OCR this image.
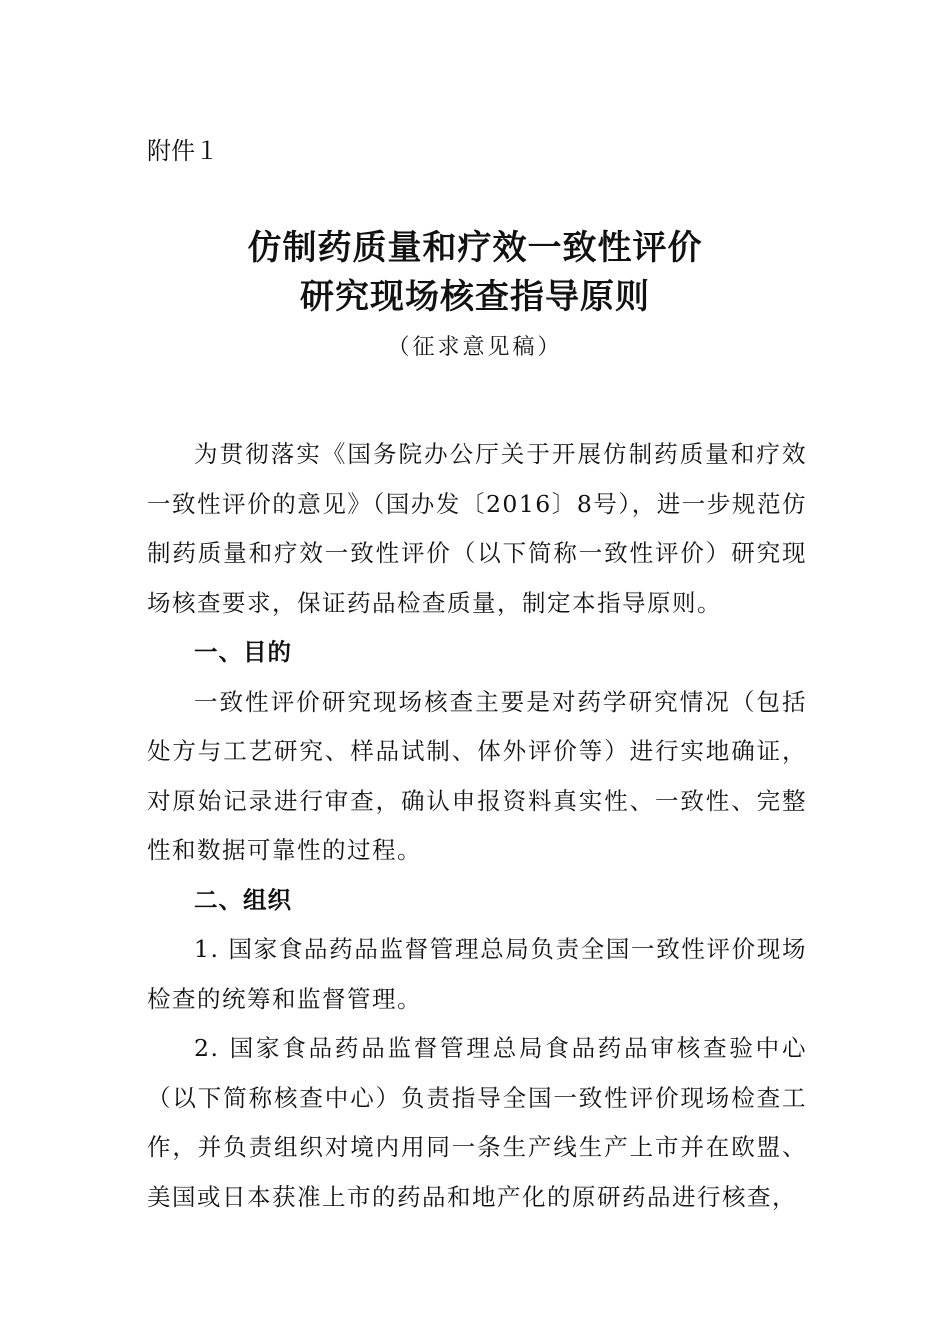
附件１
仿制药质量和疗效一致性评价
研究现场核查指导原则
（征求意见稿）

为贯彻落实《国务院办公厅关于开展仿制药质量和疗效一致性评价的意见》（国办发〔2016〕8号），进一步规范仿制药质量和疗效一致性评价（以下简称一致性评价）研究现场核查要求，保证药品检查质量，制定本指导原则。

一、目的

一致性评价研究现场核查主要是对药学研究情况（包括处方与工艺研究、样品试制、体外评价等）进行实地确证，对原始记录进行审查，确认申报资料真实性、一致性、完整性和数据可靠性的过程。

二、组织

1. 国家食品药品监督管理总局负责全国一致性评价现场检查的统筹和监督管理。

2. 国家食品药品监督管理总局食品药品审核查验中心（以下简称核查中心）负责指导全国一致性评价现场检查工作，并负责组织对境内用同一条生产线生产上市并在欧盟、美国或日本获准上市的药品和地产化的原研药品进行核查，
